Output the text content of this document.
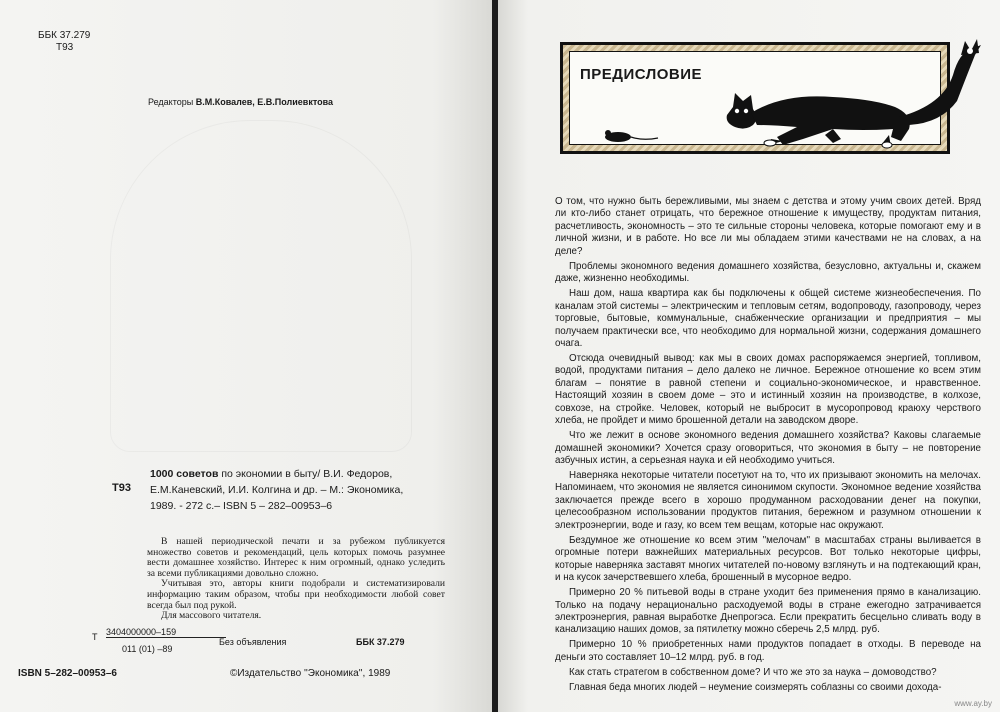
ББК 37.279
Т93
Редакторы В.М.Ковалев, Е.В.Полиевктова
Т93
1000 советов по экономии в быту/ В.И. Федоров,
Е.М.Каневский, И.И. Колгина и др. – М.: Экономика,
1989. - 272 с.– ISBN 5 – 282–00953–6

В нашей периодической печати и за рубежом публикуется множество советов и рекомендаций, цель которых помочь разумнее вести домашнее хозяйство. Интерес к ним огромный, однако уследить за всеми публикациями довольно сложно.

Учитывая это, авторы книги подобрали и систематизировали информацию таким образом, чтобы при необходимости любой совет всегда был под рукой.

Для массового читателя.

Т 3404000000–159
011 (01) –89
Без объявления	ББК 37.279
ISBN 5–282–00953–6	©Издательство ''Экономика'', 1989
ПРЕДИСЛОВИЕ

О том, что нужно быть бережливыми, мы знаем с детства и этому учим своих детей. Вряд ли кто-либо станет отрицать, что бережное отношение к имуществу, продуктам питания, расчетливость, экономность – это те сильные стороны человека, которые помогают ему и в личной жизни, и в работе. Но все ли мы обладаем этими качествами не на словах, а на деле?

Проблемы экономного ведения домашнего хозяйства, безусловно, актуальны и, скажем даже, жизненно необходимы.

Наш дом, наша квартира как бы подключены к общей системе жизнеобеспечения. По каналам этой системы – электрическим и тепловым сетям, водопроводу, газопроводу, через торговые, бытовые, коммунальные, снабженческие организации и предприятия – мы получаем практически все, что необходимо для нормальной жизни, содержания домашнего очага.

Отсюда очевидный вывод: как мы в своих домах распоряжаемся энергией, топливом, водой, продуктами питания – дело далеко не личное. Бережное отношение ко всем этим благам – понятие в равной степени и социально-экономическое, и нравственное. Настоящий хозяин в своем доме – это и истинный хозяин на производстве, в колхозе, совхозе, на стройке. Человек, который не выбросит в мусоропровод краюху черствого хлеба, не пройдет и мимо брошенной детали на заводском дворе.

Что же лежит в основе экономного ведения домашнего хозяйства? Каковы слагаемые домашней экономики? Хочется сразу оговориться, что экономия в быту – не повторение азбучных истин, а серьезная наука и ей необходимо учиться.

Наверняка некоторые читатели посетуют на то, что их призывают экономить на мелочах. Напоминаем, что экономия не является синонимом скупости. Экономное ведение хозяйства заключается прежде всего в хорошо продуманном расходовании денег на покупки, целесообразном использовании продуктов питания, бережном и разумном отношении к электроэнергии, воде и газу, ко всем тем вещам, которые нас окружают.

Бездумное же отношение ко всем этим ''мелочам'' в масштабах страны выливается в огромные потери важнейших материальных ресурсов. Вот только некоторые цифры, которые наверняка заставят многих читателей по-новому взглянуть и на подтекающий кран, и на кусок зачерствевшего хлеба, брошенный в мусорное ведро.

Примерно 20 % питьевой воды в стране уходит без применения прямо в канализацию. Только на подачу нерационально расходуемой воды в стране ежегодно затрачивается электроэнергия, равная выработке Днепрогэса. Если прекратить бесцельно сливать воду в канализацию наших домов, за пятилетку можно сберечь 2,5 млрд. руб.

Примерно 10 % приобретенных нами продуктов попадает в отходы. В переводе на деньги это составляет 10–12 млрд. руб. в год.

Как стать стратегом в собственном доме? И что же это за наука – домоводство?

Главная беда многих людей – неумение соизмерять соблазны со своими дохода-

www.ay.by
